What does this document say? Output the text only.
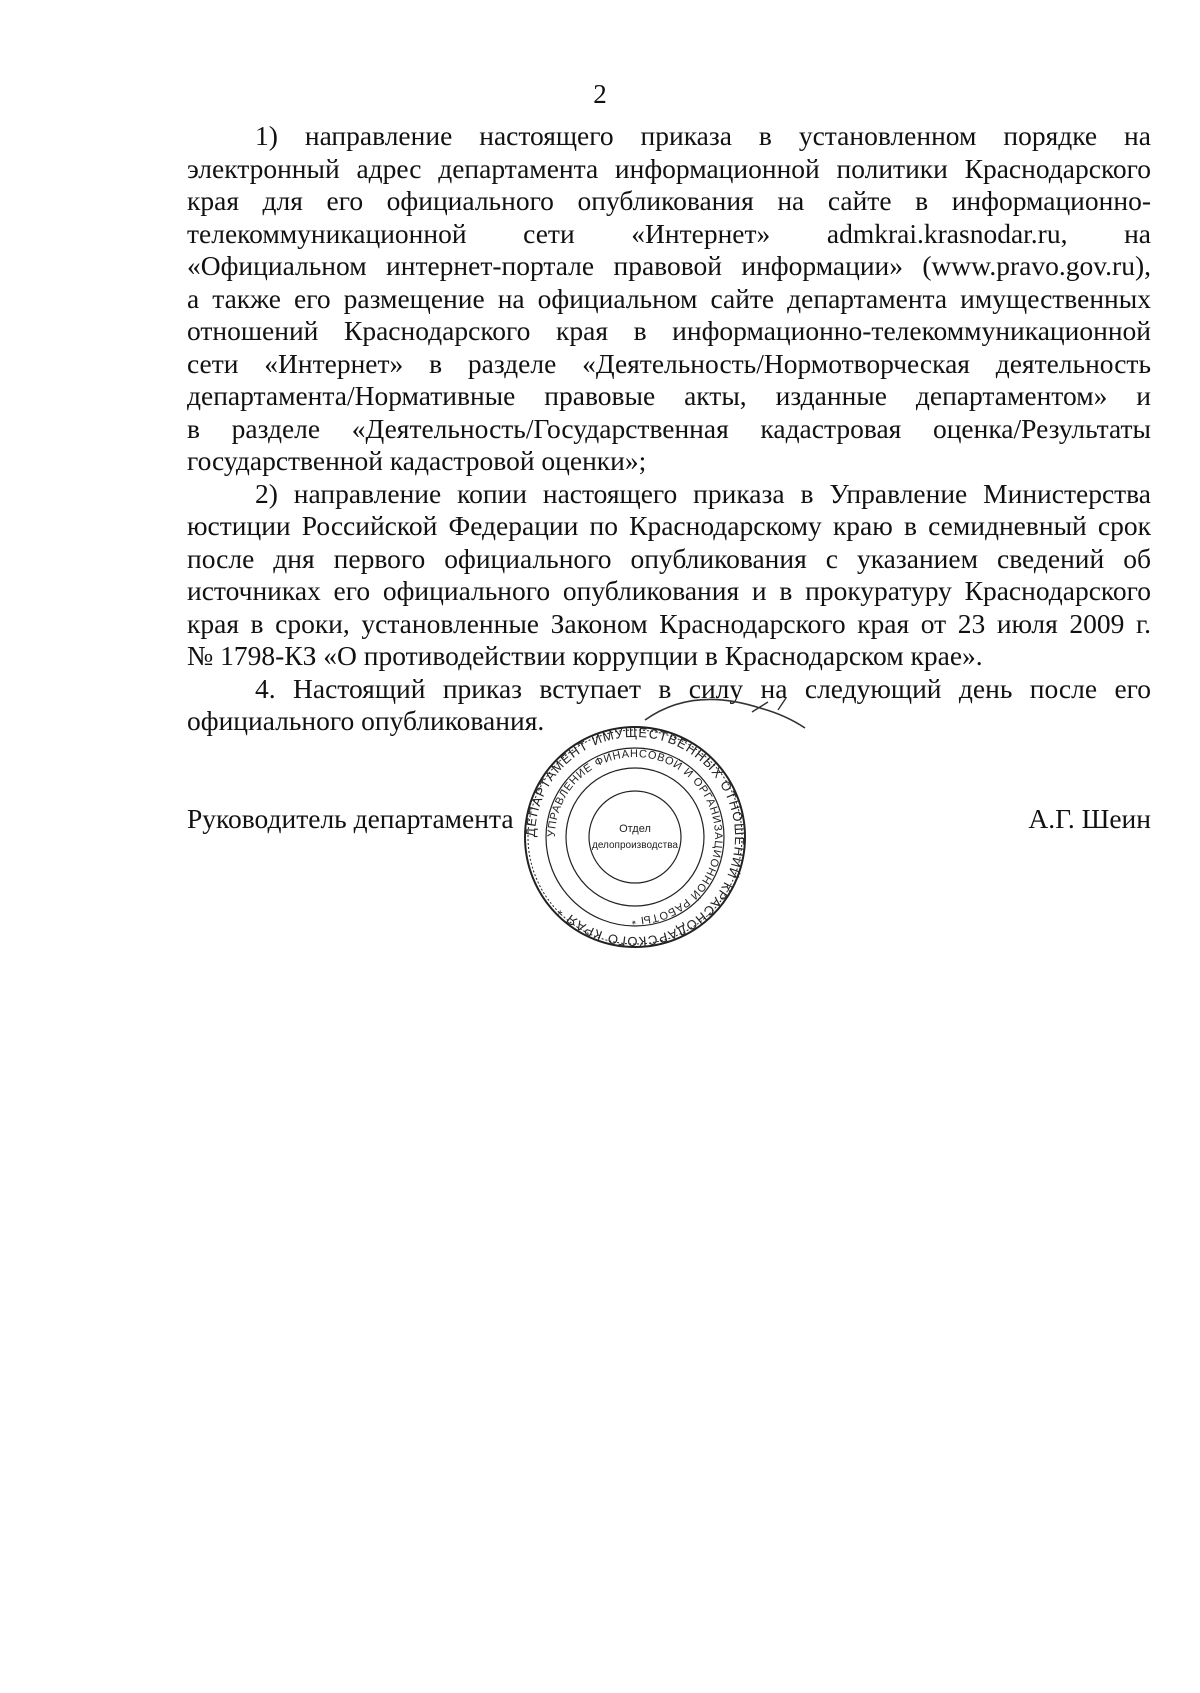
2

1) направление настоящего приказа в установленном порядке на
электронный адрес департамента информационной политики Краснодарского
края для его официального опубликования на сайте в информационно-
телекоммуникационной сети «Интернет» admkrai.krasnodar.ru, на
«Официальном интернет-портале правовой информации» (www.pravo.gov.ru),
а также его размещение на официальном сайте департамента имущественных
отношений Краснодарского края в информационно-телекоммуникационной
сети «Интернет» в разделе «Деятельность/Нормотворческая деятельность
департамента/Нормативные правовые акты, изданные департаментом» и
в разделе «Деятельность/Государственная кадастровая оценка/Результаты
государственной кадастровой оценки»;

2) направление копии настоящего приказа в Управление Министерства
юстиции Российской Федерации по Краснодарскому краю в семидневный срок
после дня первого официального опубликования с указанием сведений об
источниках его официального опубликования и в прокуратуру Краснодарского
края в сроки, установленные Законом Краснодарского края от 23 июля 2009 г.
№ 1798-КЗ «О противодействии коррупции в Краснодарском крае».

4. Настоящий приказ вступает в силу на следующий день после его
официального опубликования.

Руководитель департамента	А.Г. Шеин
ДЕПАРТАМЕНТ ИМУЩЕСТВЕННЫХ ОТНОШЕНИЙ КРАСНОДАРСКОГО КРАЯ *
УПРАВЛЕНИЕ ФИНАНСОВОЙ И ОРГАНИЗАЦИОННОЙ РАБОТЫ *
Отдел
делопроизводства
